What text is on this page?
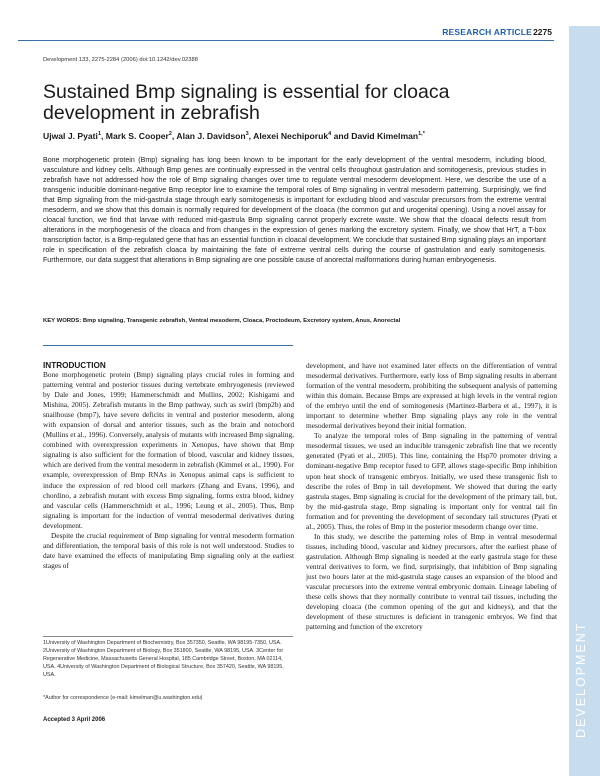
RESEARCH ARTICLE 2275
Development 133, 2275-2284 (2006) doi:10.1242/dev.02388
DEVELOPMENT
Sustained Bmp signaling is essential for cloaca development in zebrafish
Ujwal J. Pyati$^1$, Mark S. Cooper$^2$, Alan J. Davidson$^3$, Alexei Nechiporuk$^4$ and David Kimelman$^{1,*}$

Bone morphogenetic protein (Bmp) signaling has long been known to be important for the early development of the ventral mesoderm, including blood, vasculature and kidney cells. Although Bmp genes are continually expressed in the ventral cells throughout gastrulation and somitogenesis, previous studies in zebrafish have not addressed how the role of Bmp signaling changes over time to regulate ventral mesoderm development. Here, we describe the use of a transgenic inducible dominant-negative Bmp receptor line to examine the temporal roles of Bmp signaling in ventral mesoderm patterning. Surprisingly, we find that Bmp signaling from the mid-gastrula stage through early somitogenesis is important for excluding blood and vascular precursors from the extreme ventral mesoderm, and we show that this domain is normally required for development of the cloaca (the common gut and urogenital opening). Using a novel assay for cloacal function, we find that larvae with reduced mid-gastrula Bmp signaling cannot properly excrete waste. We show that the cloacal defects result from alterations in the morphogenesis of the cloaca and from changes in the expression of genes marking the excretory system. Finally, we show that HrT, a T-box transcription factor, is a Bmp-regulated gene that has an essential function in cloacal development. We conclude that sustained Bmp signaling plays an important role in specification of the zebrafish cloaca by maintaining the fate of extreme ventral cells during the course of gastrulation and early somitogenesis. Furthermore, our data suggest that alterations in Bmp signaling are one possible cause of anorectal malformations during human embryogenesis.

KEY WORDS: Bmp signaling, Transgenic zebrafish, Ventral mesoderm, Cloaca, Proctodeum, Excretory system, Anus, Anorectal
INTRODUCTION

Bone morphogenetic protein (Bmp) signaling plays crucial roles in forming and patterning ventral and posterior tissues during vertebrate embryogenesis (reviewed by Dale and Jones, 1999; Hammerschmidt and Mullins, 2002; Kishigami and Mishina, 2005). Zebrafish mutants in the Bmp pathway, such as swirl (bmp2b) and snailhouse (bmp7), have severe deficits in ventral and posterior mesoderm, along with expansion of dorsal and anterior tissues, such as the brain and notochord (Mullins et al., 1996). Conversely, analysis of mutants with increased Bmp signaling, combined with overexpression experiments in Xenopus, have shown that Bmp signaling is also sufficient for the formation of blood, vascular and kidney tissues, which are derived from the ventral mesoderm in zebrafish (Kimmel et al., 1990). For example, overexpression of Bmp RNAs in Xenopus animal caps is sufficient to induce the expression of red blood cell markers (Zhang and Evans, 1996), and chordino, a zebrafish mutant with excess Bmp signaling, forms extra blood, kidney and vascular cells (Hammerschmidt et al., 1996; Leung et al., 2005). Thus, Bmp signaling is important for the induction of ventral mesodermal derivatives during development.

Despite the crucial requirement of Bmp signaling for ventral mesoderm formation and differentiation, the temporal basis of this role is not well understood. Studies to date have examined the effects of manipulating Bmp signaling only at the earliest stages of

development, and have not examined later effects on the differentiation of ventral mesodermal derivatives. Furthermore, early loss of Bmp signaling results in aberrant formation of the ventral mesoderm, prohibiting the subsequent analysis of patterning within this domain. Because Bmps are expressed at high levels in the ventral region of the embryo until the end of somitogenesis (Martinez-Barbera et al., 1997), it is important to determine whether Bmp signaling plays any role in the ventral mesodermal derivatives beyond their initial formation.

To analyze the temporal roles of Bmp signaling in the patterning of ventral mesodermal tissues, we used an inducible transgenic zebrafish line that we recently generated (Pyati et al., 2005). This line, containing the Hsp70 promoter driving a dominant-negative Bmp receptor fused to GFP, allows stage-specific Bmp inhibition upon heat shock of transgenic embryos. Initially, we used these transgenic fish to describe the roles of Bmp in tail development. We showed that during the early gastrula stages, Bmp signaling is crucial for the development of the primary tail, but, by the mid-gastrula stage, Bmp signaling is important only for ventral tail fin formation and for preventing the development of secondary tail structures (Pyati et al., 2005). Thus, the roles of Bmp in the posterior mesoderm change over time.

In this study, we describe the patterning roles of Bmp in ventral mesodermal tissues, including blood, vascular and kidney precursors, after the earliest phase of gastrulation. Although Bmp signaling is needed at the early gastrula stage for these ventral derivatives to form, we find, surprisingly, that inhibition of Bmp signaling just two hours later at the mid-gastrula stage causes an expansion of the blood and vascular precursors into the extreme ventral embryonic domain. Lineage labeling of these cells shows that they normally contribute to ventral tail tissues, including the developing cloaca (the common opening of the gut and kidneys), and that the development of these structures is deficient in transgenic embryos. We find that patterning and function of the excretory

1University of Washington Department of Biochemistry, Box 357350, Seattle, WA 98195-7350, USA. 2University of Washington Department of Biology, Box 351800, Seattle, WA 98195, USA. 3Center for Regenerative Medicine, Massachusetts General Hospital, 185 Cambridge Street, Boston, MA 02114, USA. 4University of Washington Department of Biological Structure, Box 357420, Seattle, WA 98195, USA.

*Author for correspondence (e-mail: kimelman@u.washington.edu)
Accepted 3 April 2006
